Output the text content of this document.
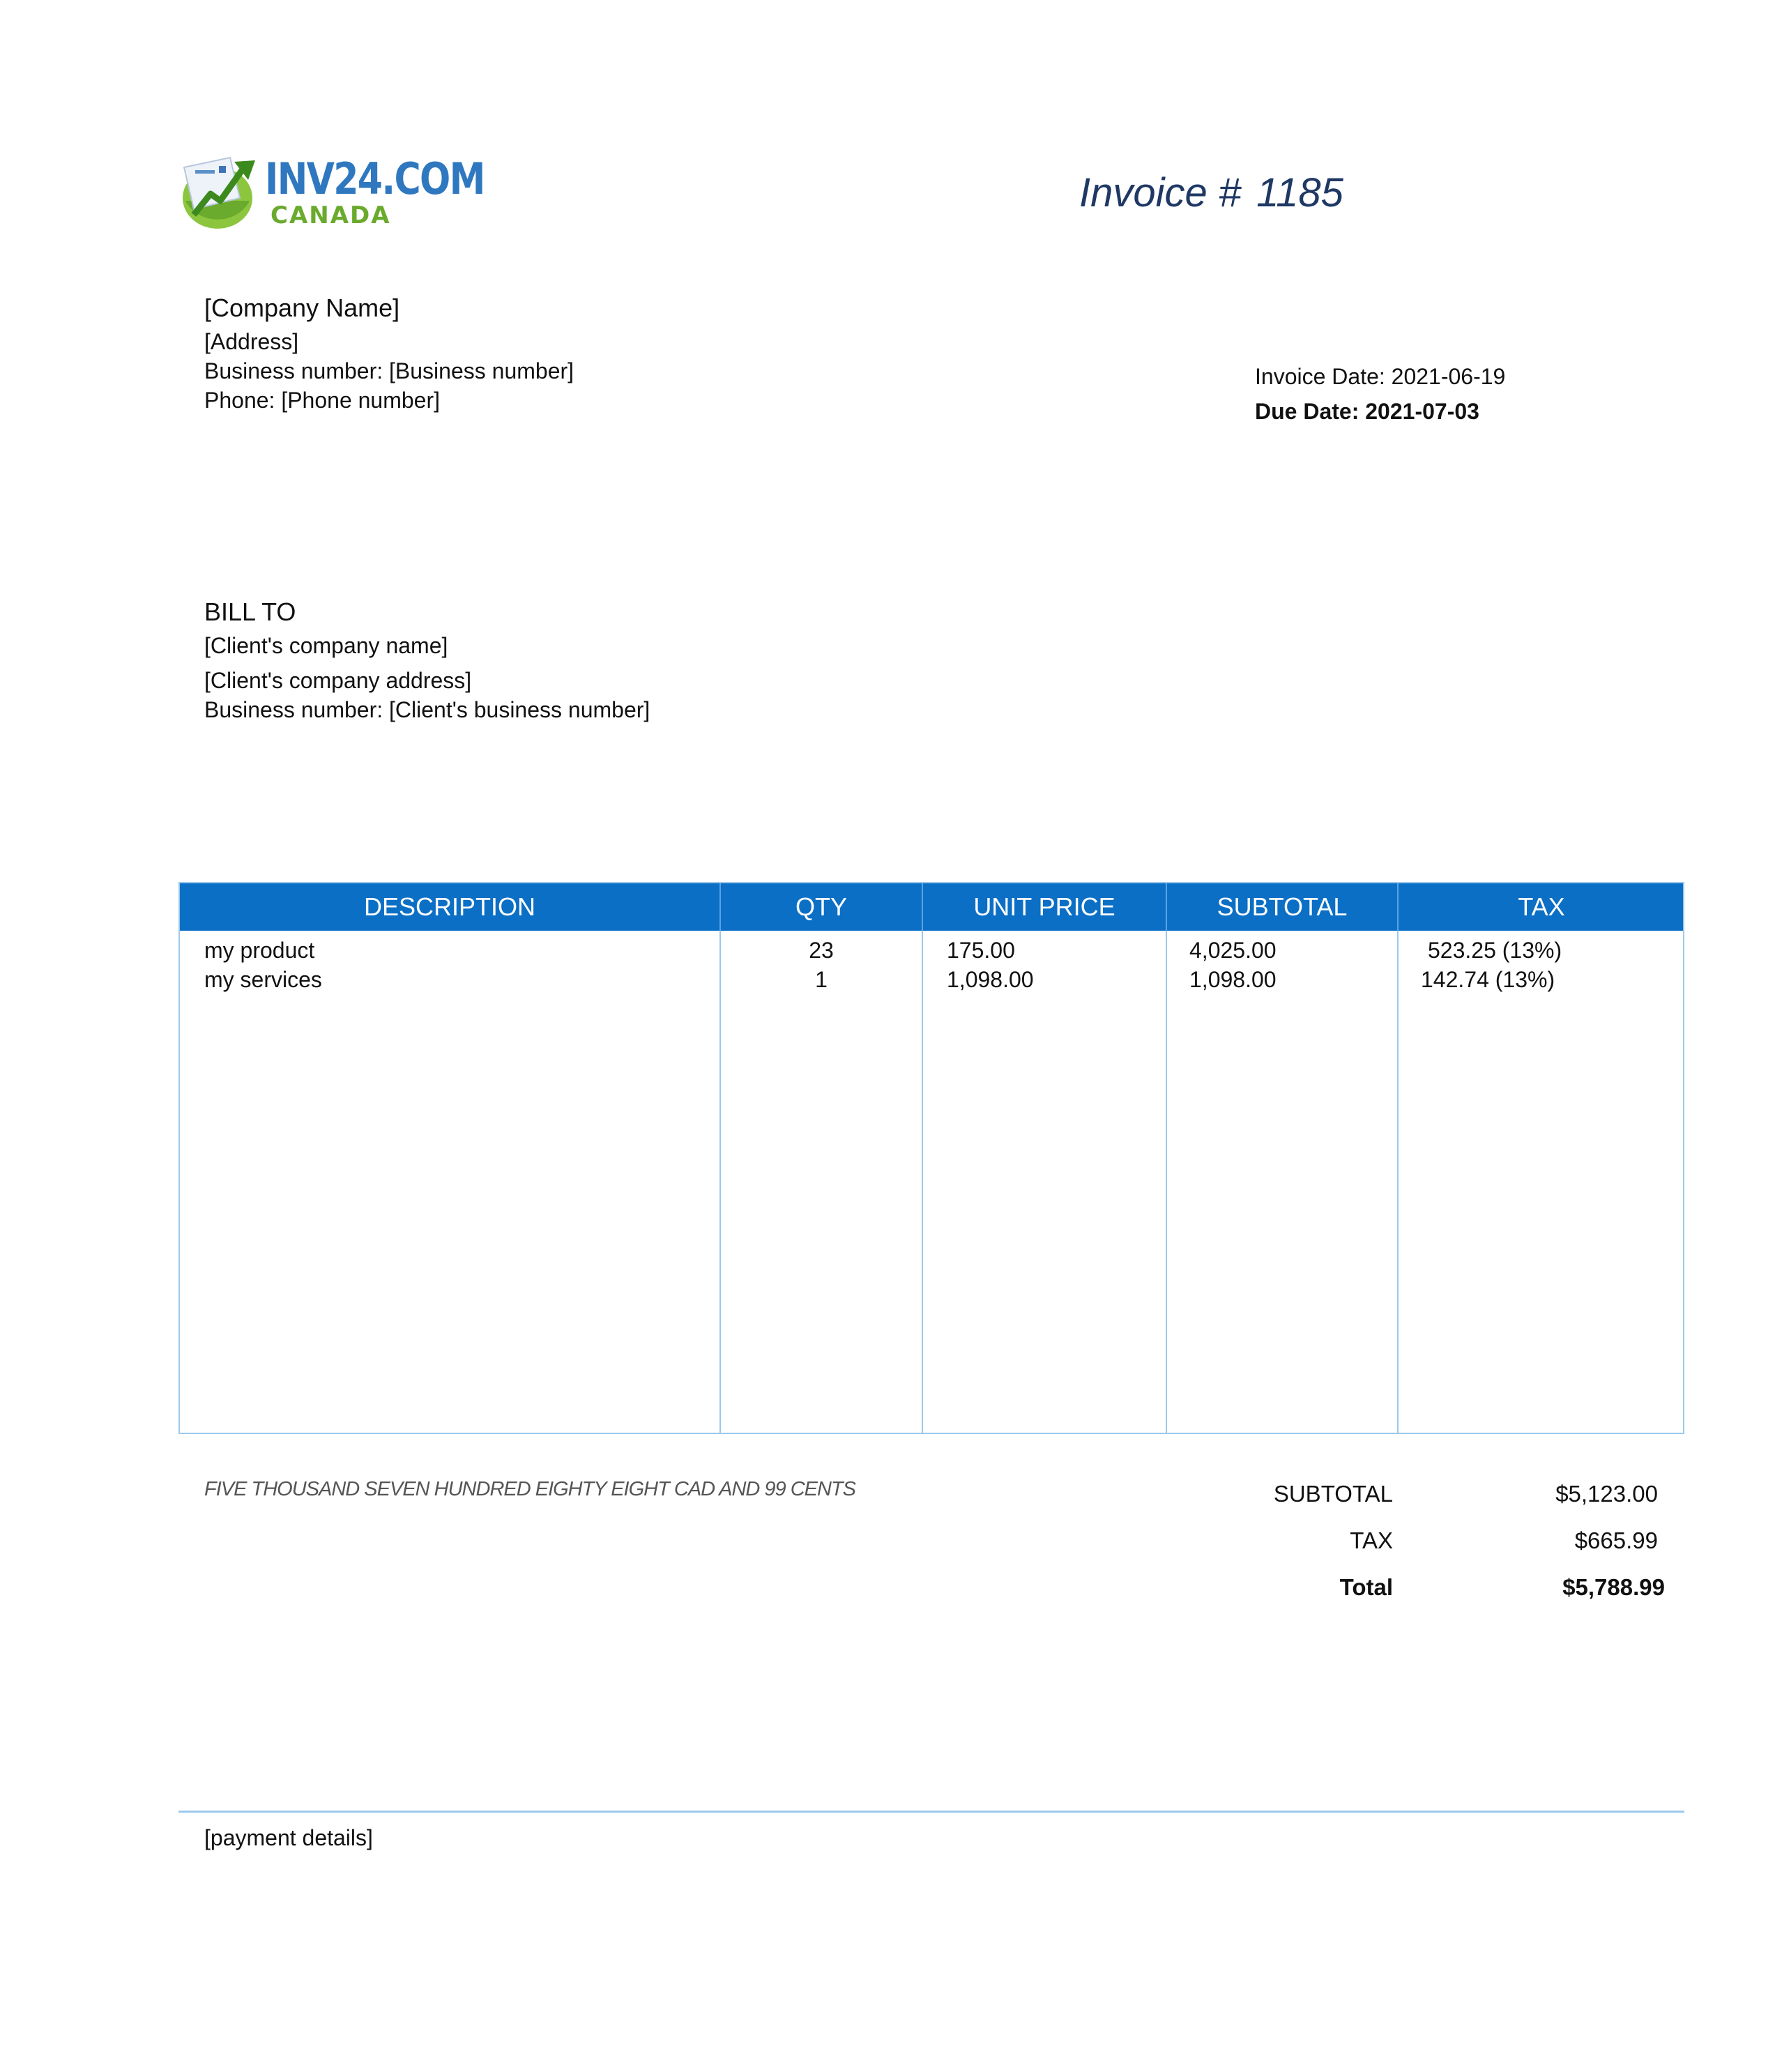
INV24.COM
CANADA	Invoice # 1185
[Company Name]
[Address]
Business number: [Business number]
Phone: [Phone number]
Invoice Date: 2021-06-19
Due Date: 2021-07-03
BILL TO
[Client's company name]
[Client's company address]
Business number: [Client's business number]
DESCRIPTION	QTY	UNIT PRICE	SUBTOTAL	TAX
my product	23	175.00	4,025.00	523.25 (13%)
my services	1	1,098.00	1,098.00	142.74 (13%)
FIVE THOUSAND SEVEN HUNDRED EIGHTY EIGHT CAD AND 99 CENTS	SUBTOTAL	$5,123.00
TAX	$665.99
Total	$5,788.99
[payment details]
